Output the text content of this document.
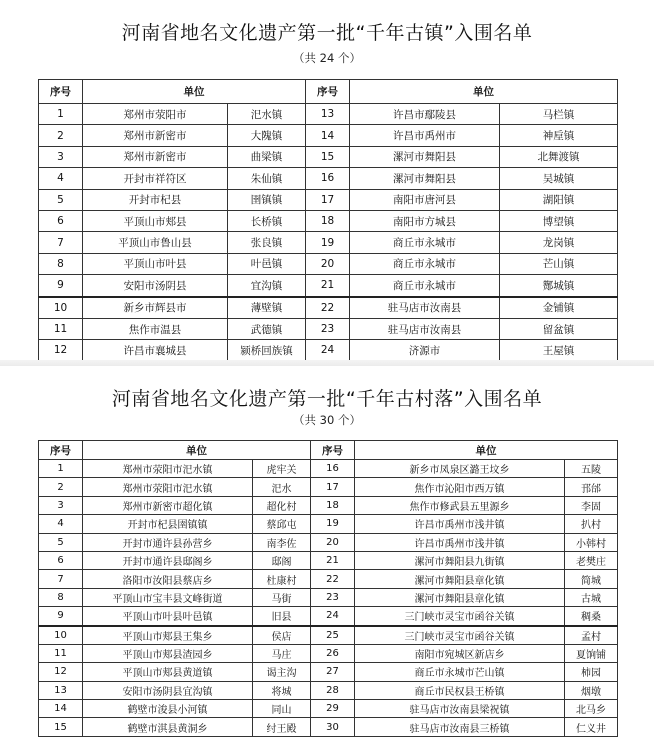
河南省地名文化遗产第一批“千年古镇”入围名单
（共 24 个）
序号	单位		序号	单位	
1	郑州市荥阳市	汜水镇	13	许昌市鄢陵县	马栏镇
2	郑州市新密市	大隗镇	14	许昌市禹州市	神垕镇
3	郑州市新密市	曲梁镇	15	漯河市舞阳县	北舞渡镇
4	开封市祥符区	朱仙镇	16	漯河市舞阳县	吴城镇
5	开封市杞县	圉镇镇	17	南阳市唐河县	湖阳镇
6	平顶山市郏县	长桥镇	18	南阳市方城县	博望镇
7	平顶山市鲁山县	张良镇	19	商丘市永城市	龙岗镇
8	平顶山市叶县	叶邑镇	20	商丘市永城市	芒山镇
9	安阳市汤阴县	宜沟镇	21	商丘市永城市	酂城镇
10	新乡市辉县市	薄壁镇	22	驻马店市汝南县	金铺镇
11	焦作市温县	武德镇	23	驻马店市汝南县	留盆镇
12	许昌市襄城县	颍桥回族镇	24	济源市	王屋镇
河南省地名文化遗产第一批“千年古村落”入围名单
（共 30 个）
序号	单位		序号	单位	
1	郑州市荥阳市汜水镇	虎牢关	16	新乡市凤泉区潞王坟乡	五陵
2	郑州市荥阳市汜水镇	汜水	17	焦作市沁阳市西万镇	邘邰
3	郑州市新密市超化镇	超化村	18	焦作市修武县五里源乡	李固
4	开封市杞县圉镇镇	蔡邱屯	19	许昌市禹州市浅井镇	扒村
5	开封市通许县孙营乡	南李佐	20	许昌市禹州市浅井镇	小韩村
6	开封市通许县邸阁乡	邸阁	21	漯河市舞阳县九街镇	老樊庄
7	洛阳市汝阳县蔡店乡	杜康村	22	漯河市舞阳县章化镇	简城
8	平顶山市宝丰县文峰街道	马街	23	漯河市舞阳县章化镇	古城
9	平顶山市叶县叶邑镇	旧县	24	三门峡市灵宝市函谷关镇	稠桑
10	平顶山市郏县王集乡	侯店	25	三门峡市灵宝市函谷关镇	孟村
11	平顶山市郏县渣园乡	马庄	26	南阳市宛城区新店乡	夏饷铺
12	平顶山市郏县黄道镇	谒主沟	27	商丘市永城市芒山镇	柿园
13	安阳市汤阴县宜沟镇	将城	28	商丘市民权县王桥镇	烟墩
14	鹤壁市浚县小河镇	同山	29	驻马店市汝南县梁祝镇	北马乡
15	鹤壁市淇县黄洞乡	纣王殿	30	驻马店市汝南县三桥镇	仁义井
